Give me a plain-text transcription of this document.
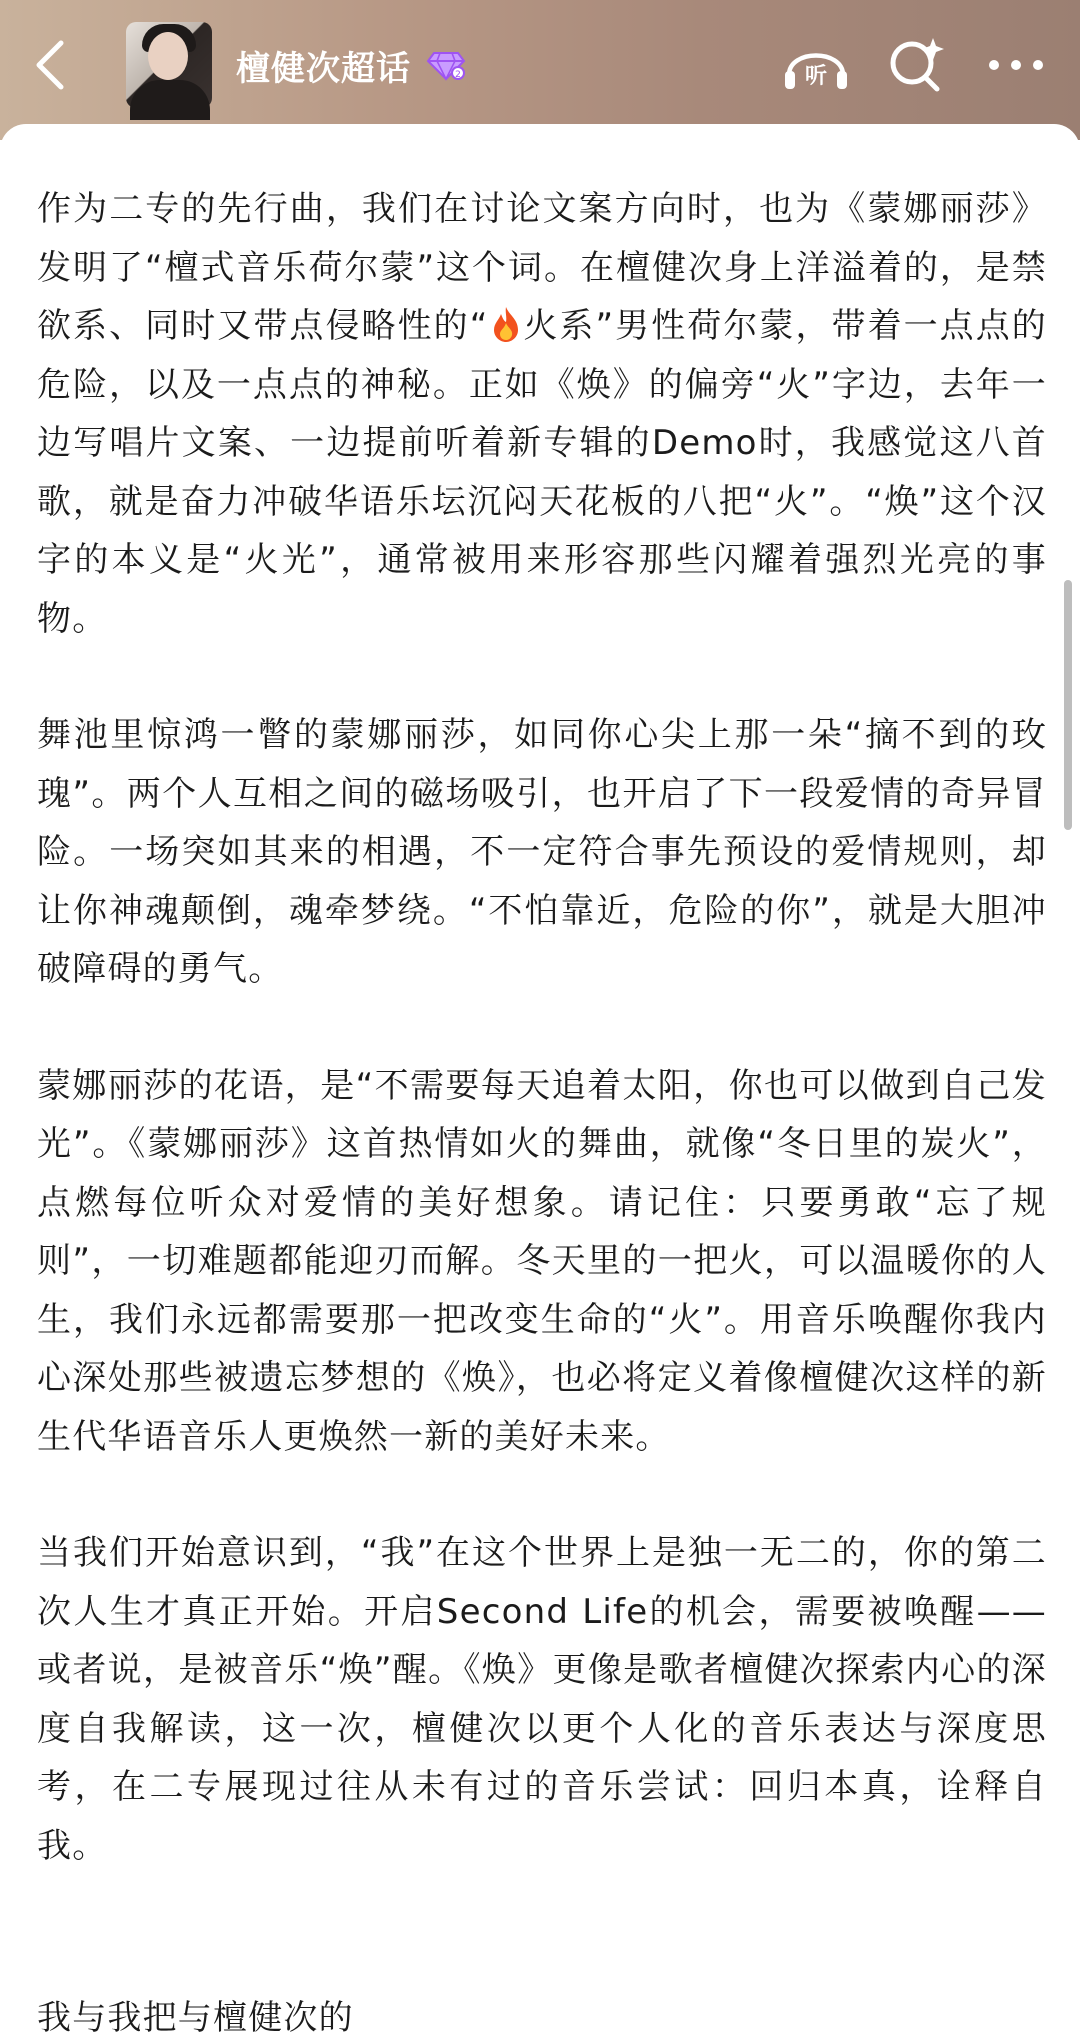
檀健次超话	2	听

作为二专的先行曲，我们在讨论文案方向时，也为《蒙娜丽莎》发明了“檀式音乐荷尔蒙”这个词。在檀健次身上洋溢着的，是禁欲系、同时又带点侵略性的“ 火系”男性荷尔蒙，带着一点点的危险，以及一点点的神秘。正如《焕》的偏旁“火”字边，去年一边写唱片文案、一边提前听着新专辑的Demo时，我感觉这八首歌，就是奋力冲破华语乐坛沉闷天花板的八把“火”。“焕”这个汉字的本义是“火光”，通常被用来形容那些闪耀着强烈光亮的事物。

舞池里惊鸿一瞥的蒙娜丽莎，如同你心尖上那一朵“摘不到的玫瑰”。两个人互相之间的磁场吸引，也开启了下一段爱情的奇异冒险。一场突如其来的相遇，不一定符合事先预设的爱情规则，却让你神魂颠倒，魂牵梦绕。“不怕靠近，危险的你”，就是大胆冲破障碍的勇气。

蒙娜丽莎的花语，是“不需要每天追着太阳，你也可以做到自己发光”。《蒙娜丽莎》这首热情如火的舞曲，就像“冬日里的炭火”，点燃每位听众对爱情的美好想象。请记住：只要勇敢“忘了规则”，一切难题都能迎刃而解。冬天里的一把火，可以温暖你的人生，我们永远都需要那一把改变生命的“火”。用音乐唤醒你我内心深处那些被遗忘梦想的《焕》，也必将定义着像檀健次这样的新生代华语音乐人更焕然一新的美好未来。

当我们开始意识到，“我”在这个世界上是独一无二的，你的第二次人生才真正开始。开启Second Life的机会，需要被唤醒——或者说，是被音乐“焕”醒。《焕》更像是歌者檀健次探索内心的深度自我解读，这一次，檀健次以更个人化的音乐表达与深度思考，在二专展现过往从未有过的音乐尝试：回归本真，诠释自我。

我与我把与檀健次的
